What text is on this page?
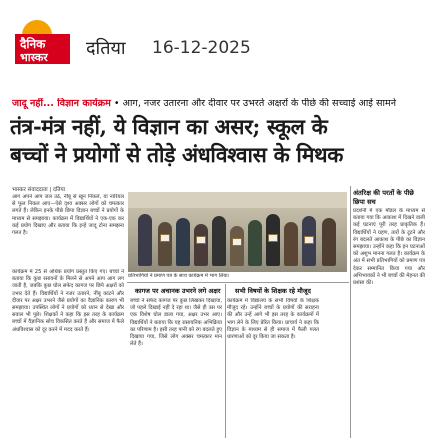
दैनिक
भास्कर दतिया 16-12-2025
जादू नहीं... विज्ञान कार्यक्रम • आग, नजर उतारना और दीवार पर उभरते अक्षरों के पीछे की सच्चाई आई सामने
तंत्र-मंत्र नहीं, ये विज्ञान का असर; स्कूल के
बच्चों ने प्रयोगों से तोड़े अंधविश्वास के मिथक
भास्कर संवाददाता | दतिया
आग अपने आप जल उठे, नींबू से खून निकले, या नारियल से फूल निकल आए—ऐसे दृश्य अक्सर लोगों को चमत्कार लगते हैं। लेकिन इनके पीछे छिपा विज्ञान बच्चों ने प्रयोगों के माध्यम से समझाया। कार्यक्रम में विद्यार्थियों ने एक-एक कर कई प्रयोग दिखाए और बताया कि इन्हें जादू टोना समझना गलत है।
कार्यक्रम में 25 से अधिक प्रयोग प्रस्तुत किए गए। बच्चों ने बताया कि कुछ रसायनों के मिलने से अपने आप आग लग जाती है, जबकि कुछ घोल सफेद कागज पर छिपे अक्षरों को उभार देते हैं। विद्यार्थियों ने नजर उतारने, नींबू काटने और दीवार पर अक्षर उभरने जैसे प्रयोगों का वैज्ञानिक कारण भी समझाया। उपस्थित लोगों ने प्रयोगों को ध्यान से देखा और सवाल भी पूछे। शिक्षकों ने कहा कि इस तरह के कार्यक्रम बच्चों में वैज्ञानिक सोच विकसित करते हैं और समाज में फैले अंधविश्वास को दूर करने में मदद करते हैं।
प्रतिभागियों ने प्रमाण पत्र के साथ कार्यक्रम में भाग लिया।
कागज पर अचानक उभरने लगे अक्षर
बच्चों ने सफेद कागज पर कुछ लिखकर दिखाया, जो पहले दिखाई नहीं दे रहा था। जैसे ही उस पर एक विशेष घोल डाला गया, अक्षर उभर आए। विद्यार्थियों ने बताया कि यह रासायनिक अभिक्रिया का परिणाम है। इसी तरह पानी को रंग बदलते हुए दिखाया गया, जिसे लोग अक्सर चमत्कार मान लेते हैं।
सभी विषयों के शिक्षक रहे मौजूद
कार्यक्रम में विद्यालय के सभी विषयों के शिक्षक मौजूद रहे। उन्होंने बच्चों के प्रयोगों की सराहना की और उन्हें आगे भी इस तरह के कार्यक्रमों में भाग लेने के लिए प्रेरित किया। प्राचार्य ने कहा कि विज्ञान के माध्यम से ही समाज में फैली गलत धारणाओं को दूर किया जा सकता है।
अंतरिक्ष की परतों के पीछे छिपा सच
प्रदर्शनी में एक मॉडल के माध्यम से बताया गया कि आकाश में दिखने वाली कई घटनाएं पूरी तरह प्राकृतिक हैं। विद्यार्थियों ने ग्रहण, तारों के टूटने और रंग बदलते आकाश के पीछे का विज्ञान समझाया। उन्होंने कहा कि इन घटनाओं को अशुभ मानना गलत है। कार्यक्रम के अंत में सभी प्रतिभागियों को प्रमाण पत्र देकर सम्मानित किया गया और अभिभावकों ने भी बच्चों की मेहनत की प्रशंसा की।
